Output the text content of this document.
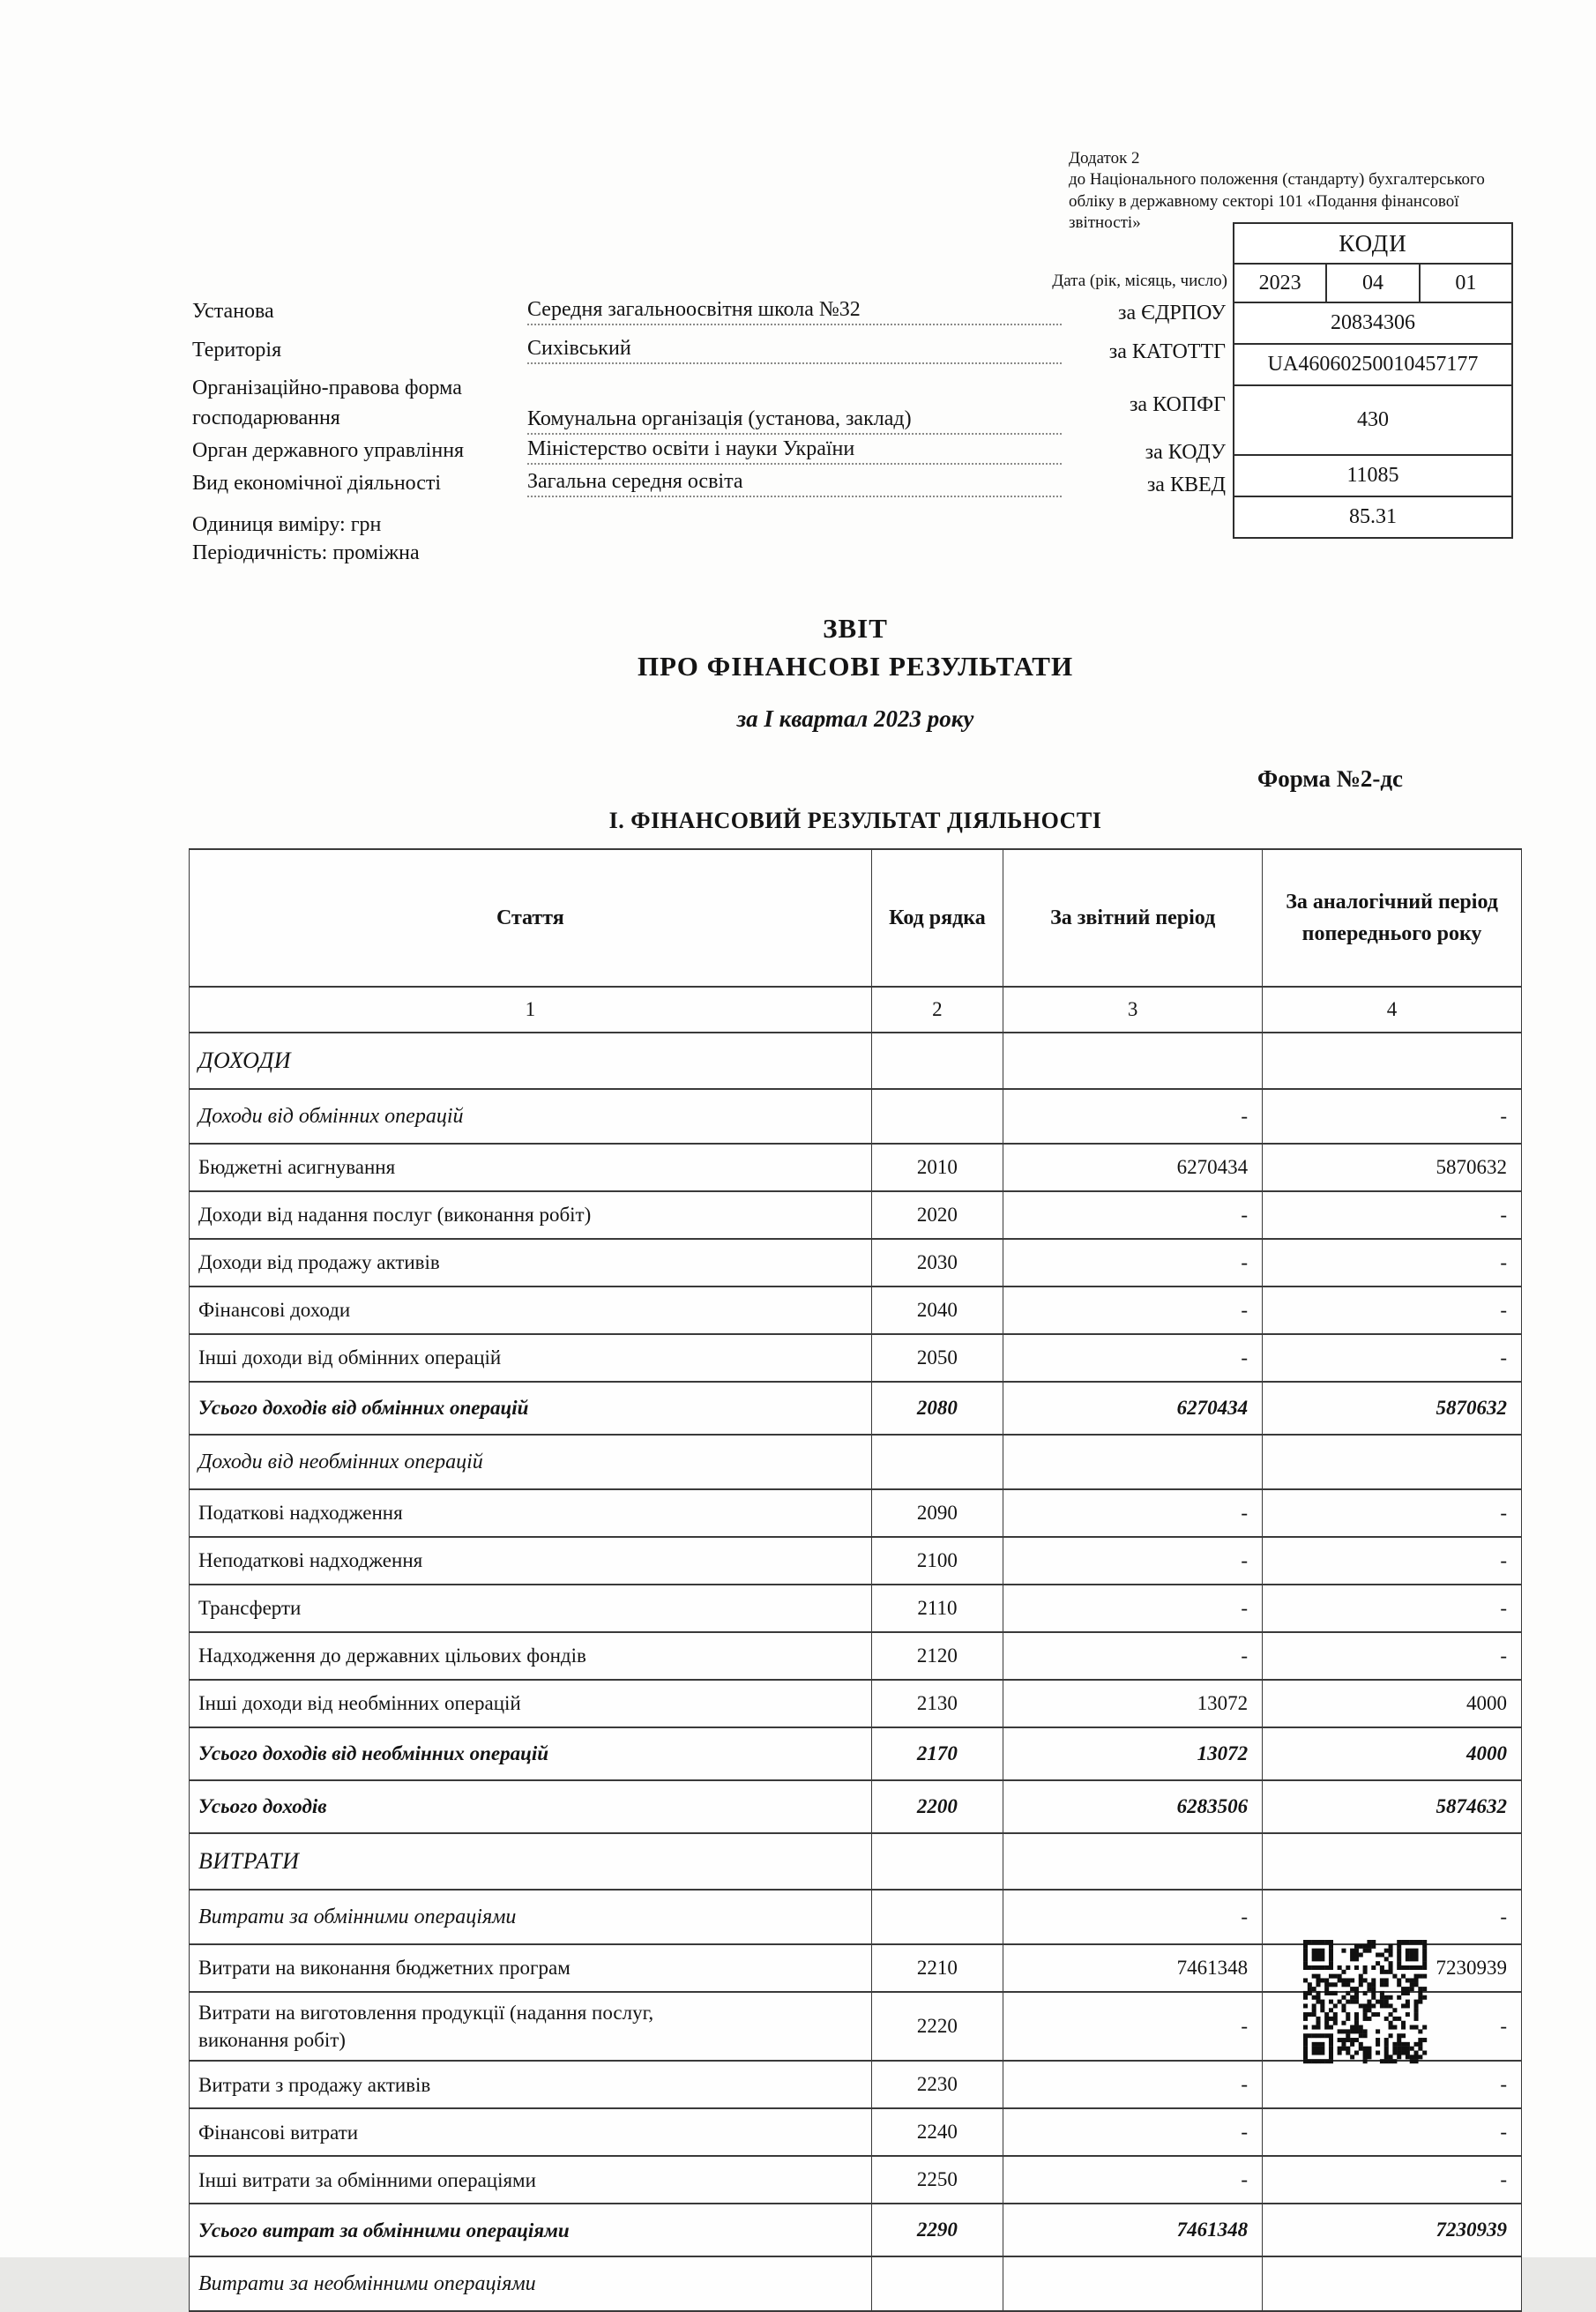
Додаток 2
до Національного положення (стандарту) бухгалтерського
обліку в державному секторі 101 «Подання фінансової
звітності»
Дата (рік, місяць, число)
КОДИ
2023	04	01
20834306
UA46060250010457177
430
11085
85.31
Установа	Середня загальноосвітня школа №32	за ЄДРПОУ
Територія	Сихівський	за КАТОТТГ
Організаційно-правова форма господарювання	Комунальна організація (установа, заклад)
за КОПФГ
Орган державного управління	Міністерство освіти і науки України	за КОДУ
Вид економічної діяльності	Загальна середня освіта	за КВЕД
Одиниця виміру: грн
Періодичність: проміжна
ЗВІТ
ПРО ФІНАНСОВІ РЕЗУЛЬТАТИ
за І квартал 2023 року
Форма №2-дс
І. ФІНАНСОВИЙ РЕЗУЛЬТАТ ДІЯЛЬНОСТІ
Стаття	Код рядка	За звітний період	За аналогічний період попереднього року
1	2	3	4
ДОХОДИ			
Доходи від обмінних операцій		-	-
Бюджетні асигнування	2010	6270434	5870632
Доходи від надання послуг (виконання робіт)	2020	-	-
Доходи від продажу активів	2030	-	-
Фінансові доходи	2040	-	-
Інші доходи від обмінних операцій	2050	-	-
Усього доходів від обмінних операцій	2080	6270434	5870632
Доходи від необмінних операцій			
Податкові надходження	2090	-	-
Неподаткові надходження	2100	-	-
Трансферти	2110	-	-
Надходження до державних цільових фондів	2120	-	-
Інші доходи від необмінних операцій	2130	13072	4000
Усього доходів від необмінних операцій	2170	13072	4000
Усього доходів	2200	6283506	5874632
ВИТРАТИ			
Витрати за обмінними операціями		-	-
Витрати на виконання бюджетних програм	2210	7461348	7230939
Витрати на виготовлення продукції (надання послуг, виконання робіт)	2220	-	-
Витрати з продажу активів	2230	-	-
Фінансові витрати	2240	-	-
Інші витрати за обмінними операціями	2250	-	-
Усього витрат за обмінними операціями	2290	7461348	7230939
Витрати за необмінними операціями			
